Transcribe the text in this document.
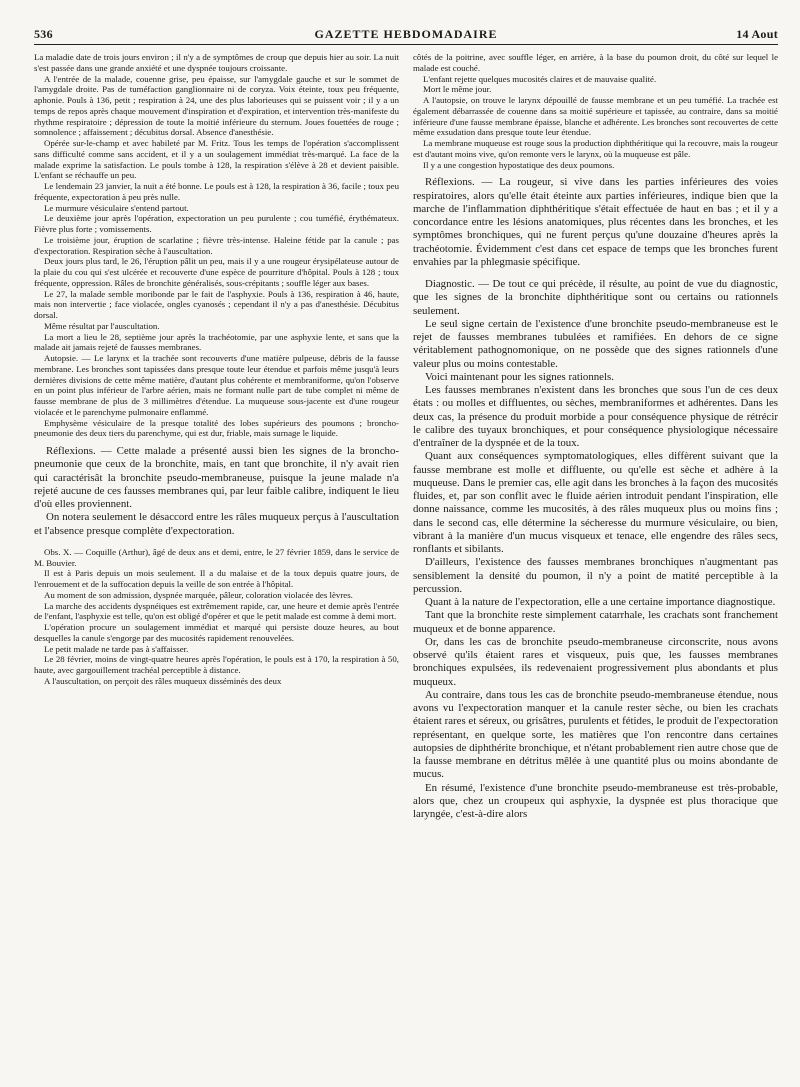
536	GAZETTE HEBDOMADAIRE	14 Aout

La maladie date de trois jours environ ; il n'y a de symptômes de croup que depuis hier au soir. La nuit s'est passée dans une grande anxiété et une dyspnée toujours croissante.

A l'entrée de la malade, couenne grise, peu épaisse, sur l'amygdale gauche et sur le sommet de l'amygdale droite. Pas de tuméfaction ganglionnaire ni de coryza. Voix éteinte, toux peu fréquente, aphonie. Pouls à 136, petit ; respiration à 24, une des plus laborieuses qui se puissent voir ; il y a un temps de repos après chaque mouvement d'inspiration et d'expiration, et intervention très-manifeste du rhythme respiratoire ; dépression de toute la moitié inférieure du sternum. Joues fouettées de rouge ; somnolence ; affaissement ; décubitus dorsal. Absence d'anesthésie.

Opérée sur-le-champ et avec habileté par M. Fritz. Tous les temps de l'opération s'accomplissent sans difficulté comme sans accident, et il y a un soulagement immédiat très-marqué. La face de la malade exprime la satisfaction. Le pouls tombe à 128, la respiration s'élève à 28 et devient paisible. L'enfant se réchauffe un peu.

Le lendemain 23 janvier, la nuit a été bonne. Le pouls est à 128, la respiration à 36, facile ; toux peu fréquente, expectoration à peu près nulle.

Le murmure vésiculaire s'entend partout.

Le deuxième jour après l'opération, expectoration un peu purulente ; cou tuméfié, érythémateux. Fièvre plus forte ; vomissements.

Le troisième jour, éruption de scarlatine ; fièvre très-intense. Haleine fétide par la canule ; pas d'expectoration. Respiration sèche à l'auscultation.

Deux jours plus tard, le 26, l'éruption pâlit un peu, mais il y a une rougeur érysipélateuse autour de la plaie du cou qui s'est ulcérée et recouverte d'une espèce de pourriture d'hôpital. Pouls à 128 ; toux fréquente, oppression. Râles de bronchite généralisés, sous-crépitants ; souffle léger aux bases.

Le 27, la malade semble moribonde par le fait de l'asphyxie. Pouls à 136, respiration à 46, haute, mais non intervertie ; face violacée, ongles cyanosés ; cependant il n'y a pas d'anesthésie. Décubitus dorsal.

Même résultat par l'auscultation.

La mort a lieu le 28, septième jour après la trachéotomie, par une asphyxie lente, et sans que la malade ait jamais rejeté de fausses membranes.

Autopsie. — Le larynx et la trachée sont recouverts d'une matière pulpeuse, débris de la fausse membrane. Les bronches sont tapissées dans presque toute leur étendue et parfois même jusqu'à leurs dernières divisions de cette même matière, d'autant plus cohérente et membraniforme, qu'on l'observe en un point plus inférieur de l'arbre aérien, mais ne formant nulle part de tube complet ni même de fausse membrane de plus de 3 millimètres d'étendue. La muqueuse sous-jacente est d'une rougeur violacée et le parenchyme pulmonaire enflammé.

Emphysème vésiculaire de la presque totalité des lobes supérieurs des poumons ; broncho-pneumonie des deux tiers du parenchyme, qui est dur, friable, mais surnage le liquide.

Réflexions. — Cette malade a présenté aussi bien les signes de la broncho-pneumonie que ceux de la bronchite, mais, en tant que bronchite, il n'y avait rien qui caractérisât la bronchite pseudo-membraneuse, puisque la jeune malade n'a rejeté aucune de ces fausses membranes qui, par leur faible calibre, indiquent le lieu d'où elles proviennent.

On notera seulement le désaccord entre les râles muqueux perçus à l'auscultation et l'absence presque complète d'expectoration.

Obs. X. — Coquille (Arthur), âgé de deux ans et demi, entre, le 27 février 1859, dans le service de M. Bouvier.

Il est à Paris depuis un mois seulement. Il a du malaise et de la toux depuis quatre jours, de l'enrouement et de la suffocation depuis la veille de son entrée à l'hôpital.

Au moment de son admission, dyspnée marquée, pâleur, coloration violacée des lèvres.

La marche des accidents dyspnéiques est extrêmement rapide, car, une heure et demie après l'entrée de l'enfant, l'asphyxie est telle, qu'on est obligé d'opérer et que le petit malade est comme à demi mort.

L'opération procure un soulagement immédiat et marqué qui persiste douze heures, au bout desquelles la canule s'engorge par des mucosités rapidement renouvelées.

Le petit malade ne tarde pas à s'affaisser.

Le 28 février, moins de vingt-quatre heures après l'opération, le pouls est à 170, la respiration à 50, haute, avec gargouillement trachéal perceptible à distance.

A l'auscultation, on perçoit des râles muqueux disséminés des deux

côtés de la poitrine, avec souffle léger, en arrière, à la base du poumon droit, du côté sur lequel le malade est couché.

L'enfant rejette quelques mucosités claires et de mauvaise qualité.

Mort le même jour.

A l'autopsie, on trouve le larynx dépouillé de fausse membrane et un peu tuméfié. La trachée est également débarrassée de couenne dans sa moitié supérieure et tapissée, au contraire, dans sa moitié inférieure d'une fausse membrane épaisse, blanche et adhérente. Les bronches sont recouvertes de cette même exsudation dans presque toute leur étendue.

La membrane muqueuse est rouge sous la production diphthéritique qui la recouvre, mais la rougeur est d'autant moins vive, qu'on remonte vers le larynx, où la muqueuse est pâle.

Il y a une congestion hypostatique des deux poumons.

Réflexions. — La rougeur, si vive dans les parties inférieures des voies respiratoires, alors qu'elle était éteinte aux parties inférieures, indique bien que la marche de l'inflammation diphthéritique s'était effectuée de haut en bas ; et il y a concordance entre les lésions anatomiques, plus récentes dans les bronches, et les symptômes bronchiques, qui ne furent perçus qu'une douzaine d'heures après la trachéotomie. Évidemment c'est dans cet espace de temps que les bronches furent envahies par la phlegmasie spécifique.

Diagnostic. — De tout ce qui précède, il résulte, au point de vue du diagnostic, que les signes de la bronchite diphthéritique sont ou certains ou rationnels seulement.

Le seul signe certain de l'existence d'une bronchite pseudo-membraneuse est le rejet de fausses membranes tubulées et ramifiées. En dehors de ce signe véritablement pathognomonique, on ne possède que des signes rationnels d'une valeur plus ou moins contestable.

Voici maintenant pour les signes rationnels.

Les fausses membranes n'existent dans les bronches que sous l'un de ces deux états : ou molles et diffluentes, ou sèches, membraniformes et adhérentes. Dans les deux cas, la présence du produit morbide a pour conséquence physique de rétrécir le calibre des tuyaux bronchiques, et pour conséquence physiologique nécessaire d'entraîner de la dyspnée et de la toux.

Quant aux conséquences symptomatologiques, elles diffèrent suivant que la fausse membrane est molle et diffluente, ou qu'elle est sèche et adhère à la muqueuse. Dans le premier cas, elle agit dans les bronches à la façon des mucosités fluides, et, par son conflit avec le fluide aérien introduit pendant l'inspiration, elle donne naissance, comme les mucosités, à des râles muqueux plus ou moins fins ; dans le second cas, elle détermine la sécheresse du murmure vésiculaire, ou bien, vibrant à la manière d'un mucus visqueux et tenace, elle engendre des râles secs, ronflants et sibilants.

D'ailleurs, l'existence des fausses membranes bronchiques n'augmentant pas sensiblement la densité du poumon, il n'y a point de matité perceptible à la percussion.

Quant à la nature de l'expectoration, elle a une certaine importance diagnostique.

Tant que la bronchite reste simplement catarrhale, les crachats sont franchement muqueux et de bonne apparence.

Or, dans les cas de bronchite pseudo-membraneuse circonscrite, nous avons observé qu'ils étaient rares et visqueux, puis que, les fausses membranes bronchiques expulsées, ils redevenaient progressivement plus abondants et plus muqueux.

Au contraire, dans tous les cas de bronchite pseudo-membraneuse étendue, nous avons vu l'expectoration manquer et la canule rester sèche, ou bien les crachats étaient rares et séreux, ou grisâtres, purulents et fétides, le produit de l'expectoration représentant, en quelque sorte, les matières que l'on rencontre dans certaines autopsies de diphthérite bronchique, et n'étant probablement rien autre chose que de la fausse membrane en détritus mêlée à une quantité plus ou moins abondante de mucus.

En résumé, l'existence d'une bronchite pseudo-membraneuse est très-probable, alors que, chez un croupeux qui asphyxie, la dyspnée est plus thoracique que laryngée, c'est-à-dire alors
